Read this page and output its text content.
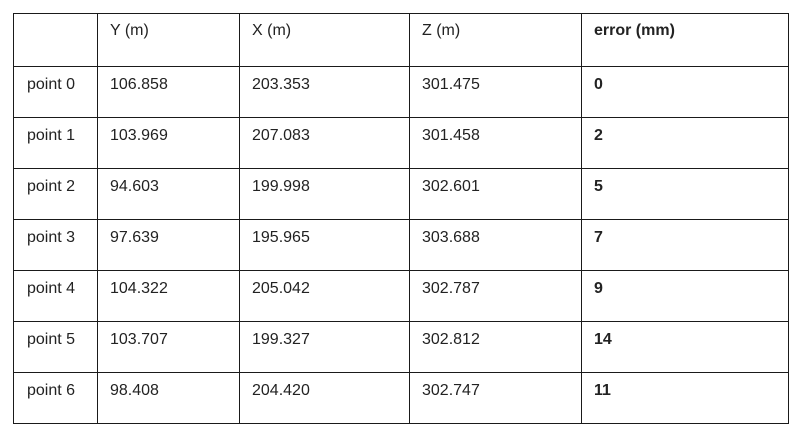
	Y (m)	X (m)	Z (m)	error (mm)
point 0	106.858	203.353	301.475	0
point 1	103.969	207.083	301.458	2
point 2	94.603	199.998	302.601	5
point 3	97.639	195.965	303.688	7
point 4	104.322	205.042	302.787	9
point 5	103.707	199.327	302.812	14
point 6	98.408	204.420	302.747	11
